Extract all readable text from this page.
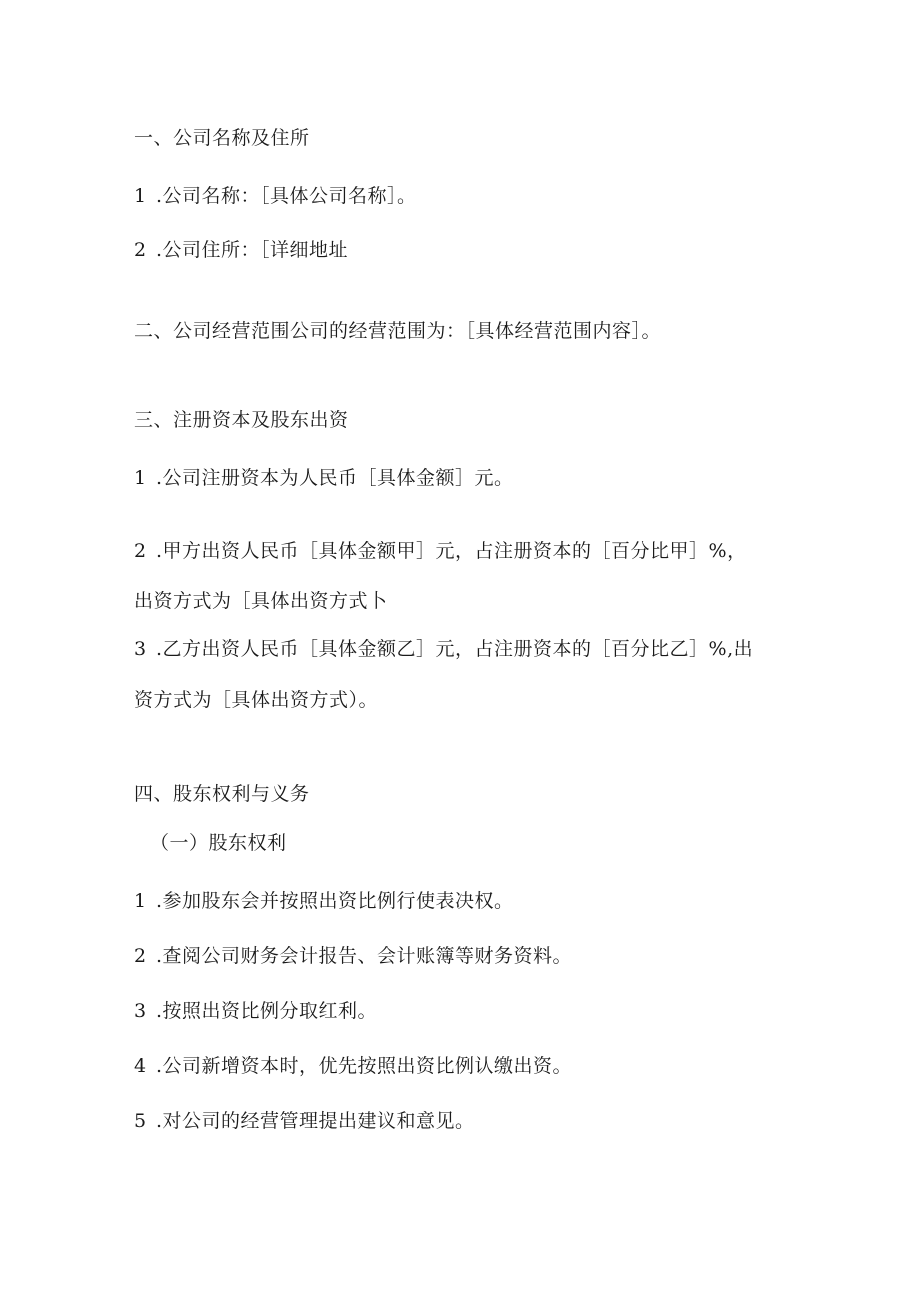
一、公司名称及住所
1 .公司名称：［具体公司名称］。
2 .公司住所：［详细地址
二、公司经营范围公司的经营范围为：［具体经营范围内容］。
三、注册资本及股东出资
1 .公司注册资本为人民币［具体金额］元。
2 .甲方出资人民币［具体金额甲］元，占注册资本的［百分比甲］%，
出资方式为［具体出资方式卜
3 .乙方出资人民币［具体金额乙］元，占注册资本的［百分比乙］%,出
资方式为［具体出资方式）。
四、股东权利与义务
（一）股东权利
1 .参加股东会并按照出资比例行使表决权。
2 .查阅公司财务会计报告、会计账簿等财务资料。
3 .按照出资比例分取红利。
4 .公司新增资本时，优先按照出资比例认缴出资。
5 .对公司的经营管理提出建议和意见。
